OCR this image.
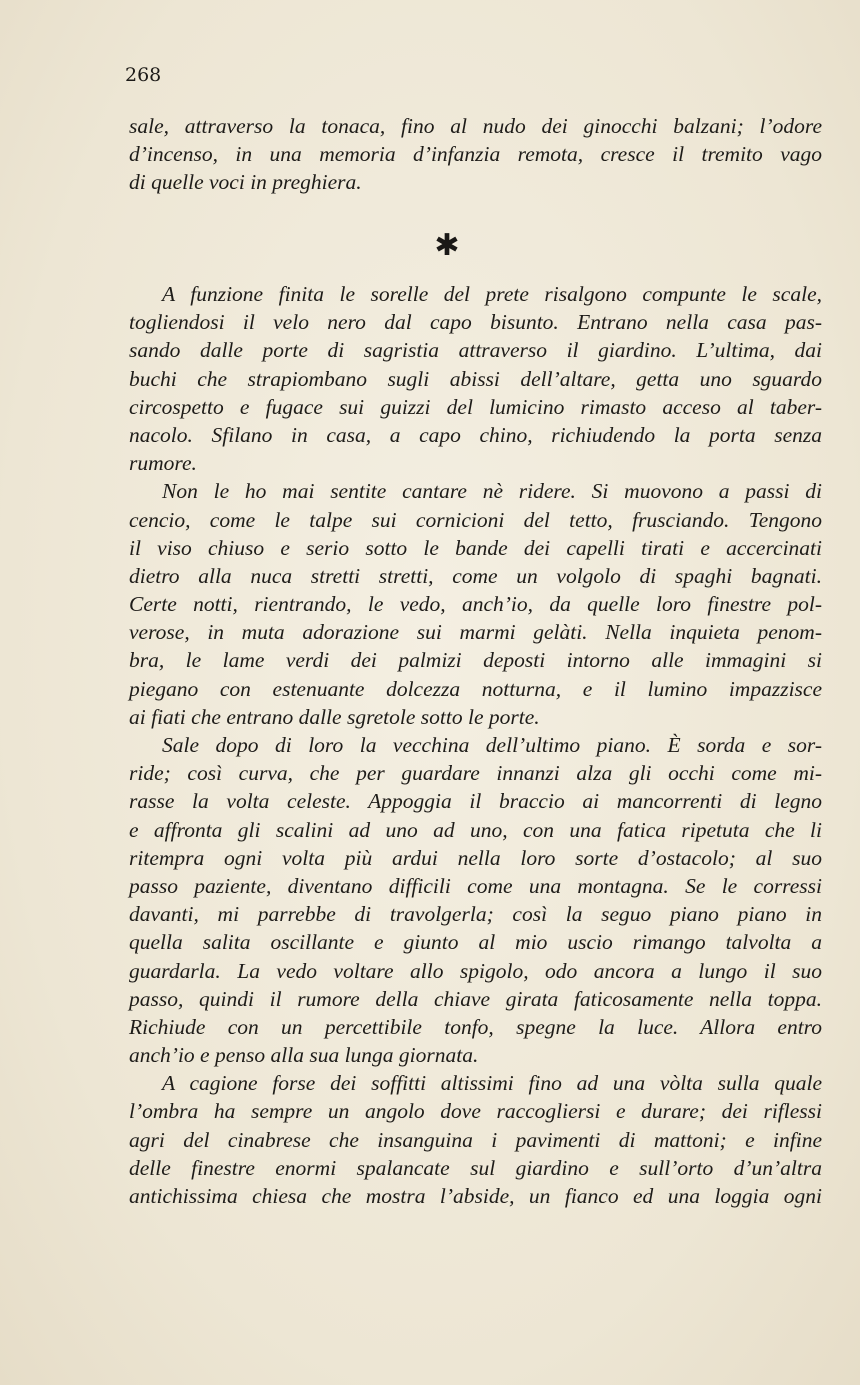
268
sale, attraverso la tonaca, fino al nudo dei ginocchi balzani; l’odore
d’incenso, in una memoria d’infanzia remota, cresce il tremito vago
di quelle voci in preghiera.
✱
A funzione finita le sorelle del prete risalgono compunte le scale,
togliendosi il velo nero dal capo bisunto. Entrano nella casa pas-
sando dalle porte di sagristia attraverso il giardino. L’ultima, dai
buchi che strapiombano sugli abissi dell’altare, getta uno sguardo
circospetto e fugace sui guizzi del lumicino rimasto acceso al taber-
nacolo. Sfilano in casa, a capo chino, richiudendo la porta senza
rumore.
Non le ho mai sentite cantare nè ridere. Si muovono a passi di
cencio, come le talpe sui cornicioni del tetto, frusciando. Tengono
il viso chiuso e serio sotto le bande dei capelli tirati e accercinati
dietro alla nuca stretti stretti, come un volgolo di spaghi bagnati.
Certe notti, rientrando, le vedo, anch’io, da quelle loro finestre pol-
verose, in muta adorazione sui marmi gelàti. Nella inquieta penom-
bra, le lame verdi dei palmizi deposti intorno alle immagini si
piegano con estenuante dolcezza notturna, e il lumino impazzisce
ai fiati che entrano dalle sgretole sotto le porte.
Sale dopo di loro la vecchina dell’ultimo piano. È sorda e sor-
ride; così curva, che per guardare innanzi alza gli occhi come mi-
rasse la volta celeste. Appoggia il braccio ai mancorrenti di legno
e affronta gli scalini ad uno ad uno, con una fatica ripetuta che li
ritempra ogni volta più ardui nella loro sorte d’ostacolo; al suo
passo paziente, diventano difficili come una montagna. Se le corressi
davanti, mi parrebbe di travolgerla; così la seguo piano piano in
quella salita oscillante e giunto al mio uscio rimango talvolta a
guardarla. La vedo voltare allo spigolo, odo ancora a lungo il suo
passo, quindi il rumore della chiave girata faticosamente nella toppa.
Richiude con un percettibile tonfo, spegne la luce. Allora entro
anch’io e penso alla sua lunga giornata.
A cagione forse dei soffitti altissimi fino ad una vòlta sulla quale
l’ombra ha sempre un angolo dove raccogliersi e durare; dei riflessi
agri del cinabrese che insanguina i pavimenti di mattoni; e infine
delle finestre enormi spalancate sul giardino e sull’orto d’un’altra
antichissima chiesa che mostra l’abside, un fianco ed una loggia ogni
